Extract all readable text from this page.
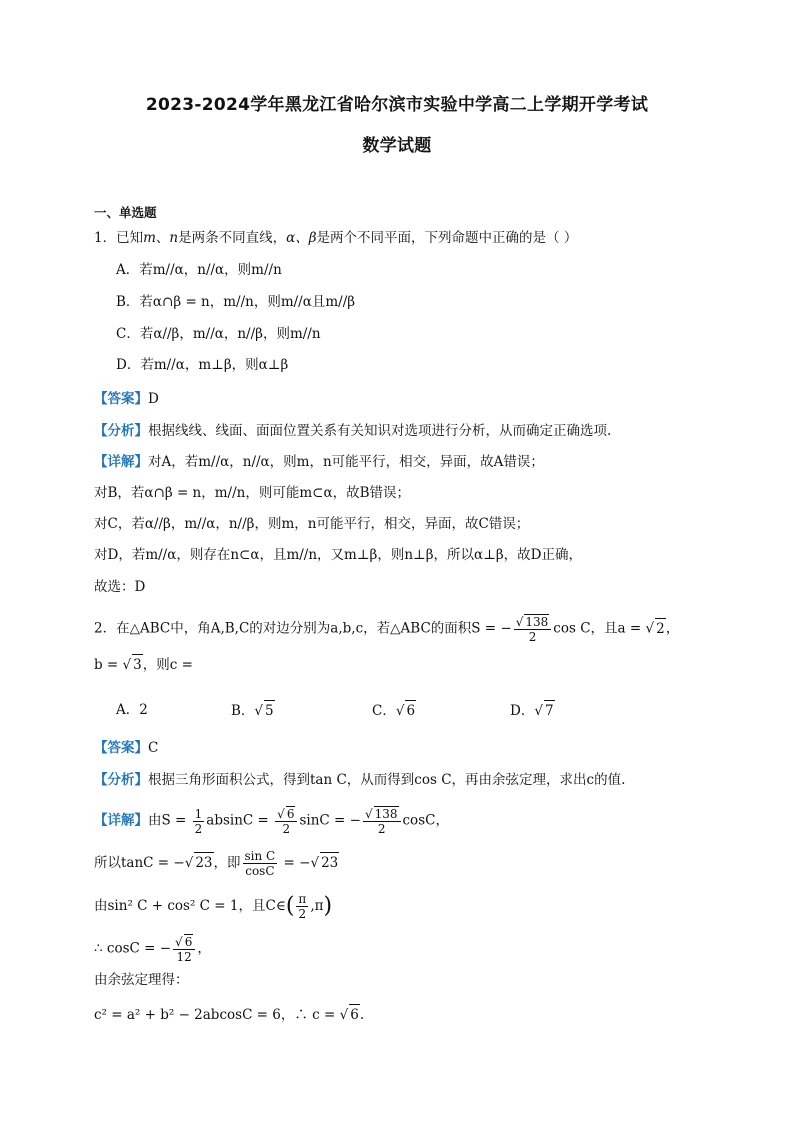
2023-2024学年黑龙江省哈尔滨市实验中学高二上学期开学考试
数学试题
一、单选题
1．已知m、n是两条不同直线，α、β是两个不同平面，下列命题中正确的是（ ）
A．若m//α，n//α，则m//n
B．若α∩β = n，m//n，则m//α且m//β
C．若α//β，m//α，n//β，则m//n
D．若m//α，m⊥β，则α⊥β
【答案】D
【分析】根据线线、线面、面面位置关系有关知识对选项进行分析，从而确定正确选项.
【详解】对A，若m//α，n//α，则m，n可能平行，相交，异面，故A错误；
对B，若α∩β = n，m//n，则可能m⊂α，故B错误；
对C，若α//β，m//α，n//β，则m，n可能平行，相交，异面，故C错误；
对D，若m//α，则存在n⊂α，且m//n，又m⊥β，则n⊥β，所以α⊥β，故D正确，
故选：D
2．在△ABC中，角A,B,C的对边分别为a,b,c，若△ABC的面积S = − $\frac{√ 138}{2}$ cos C，且a = √ 2，
b = √ 3，则c =
A．2	B．√ 5	C．√ 6	D．√ 7
【答案】C
【分析】根据三角形面积公式，得到tan C，从而得到cos C，再由余弦定理，求出c的值.
【详解】由$S = \frac{1}{2}$ $absinC = \frac{√ 6}{2}$ sinC = − $\frac{√ 138}{2}$ cosC，
所以tanC = −√ 23，即 $\frac{\text{sin C}}{\cos C}$ = −√ 23
由sin² C + cos² C = 1，且C∈( $\frac{\pi}{2} ,\pi$)
∴ cosC = − $\frac{√ 6}{12}$ ，
由余弦定理得：
c² = a² + b² − 2abcosC = 6，∴ c = √ 6.
